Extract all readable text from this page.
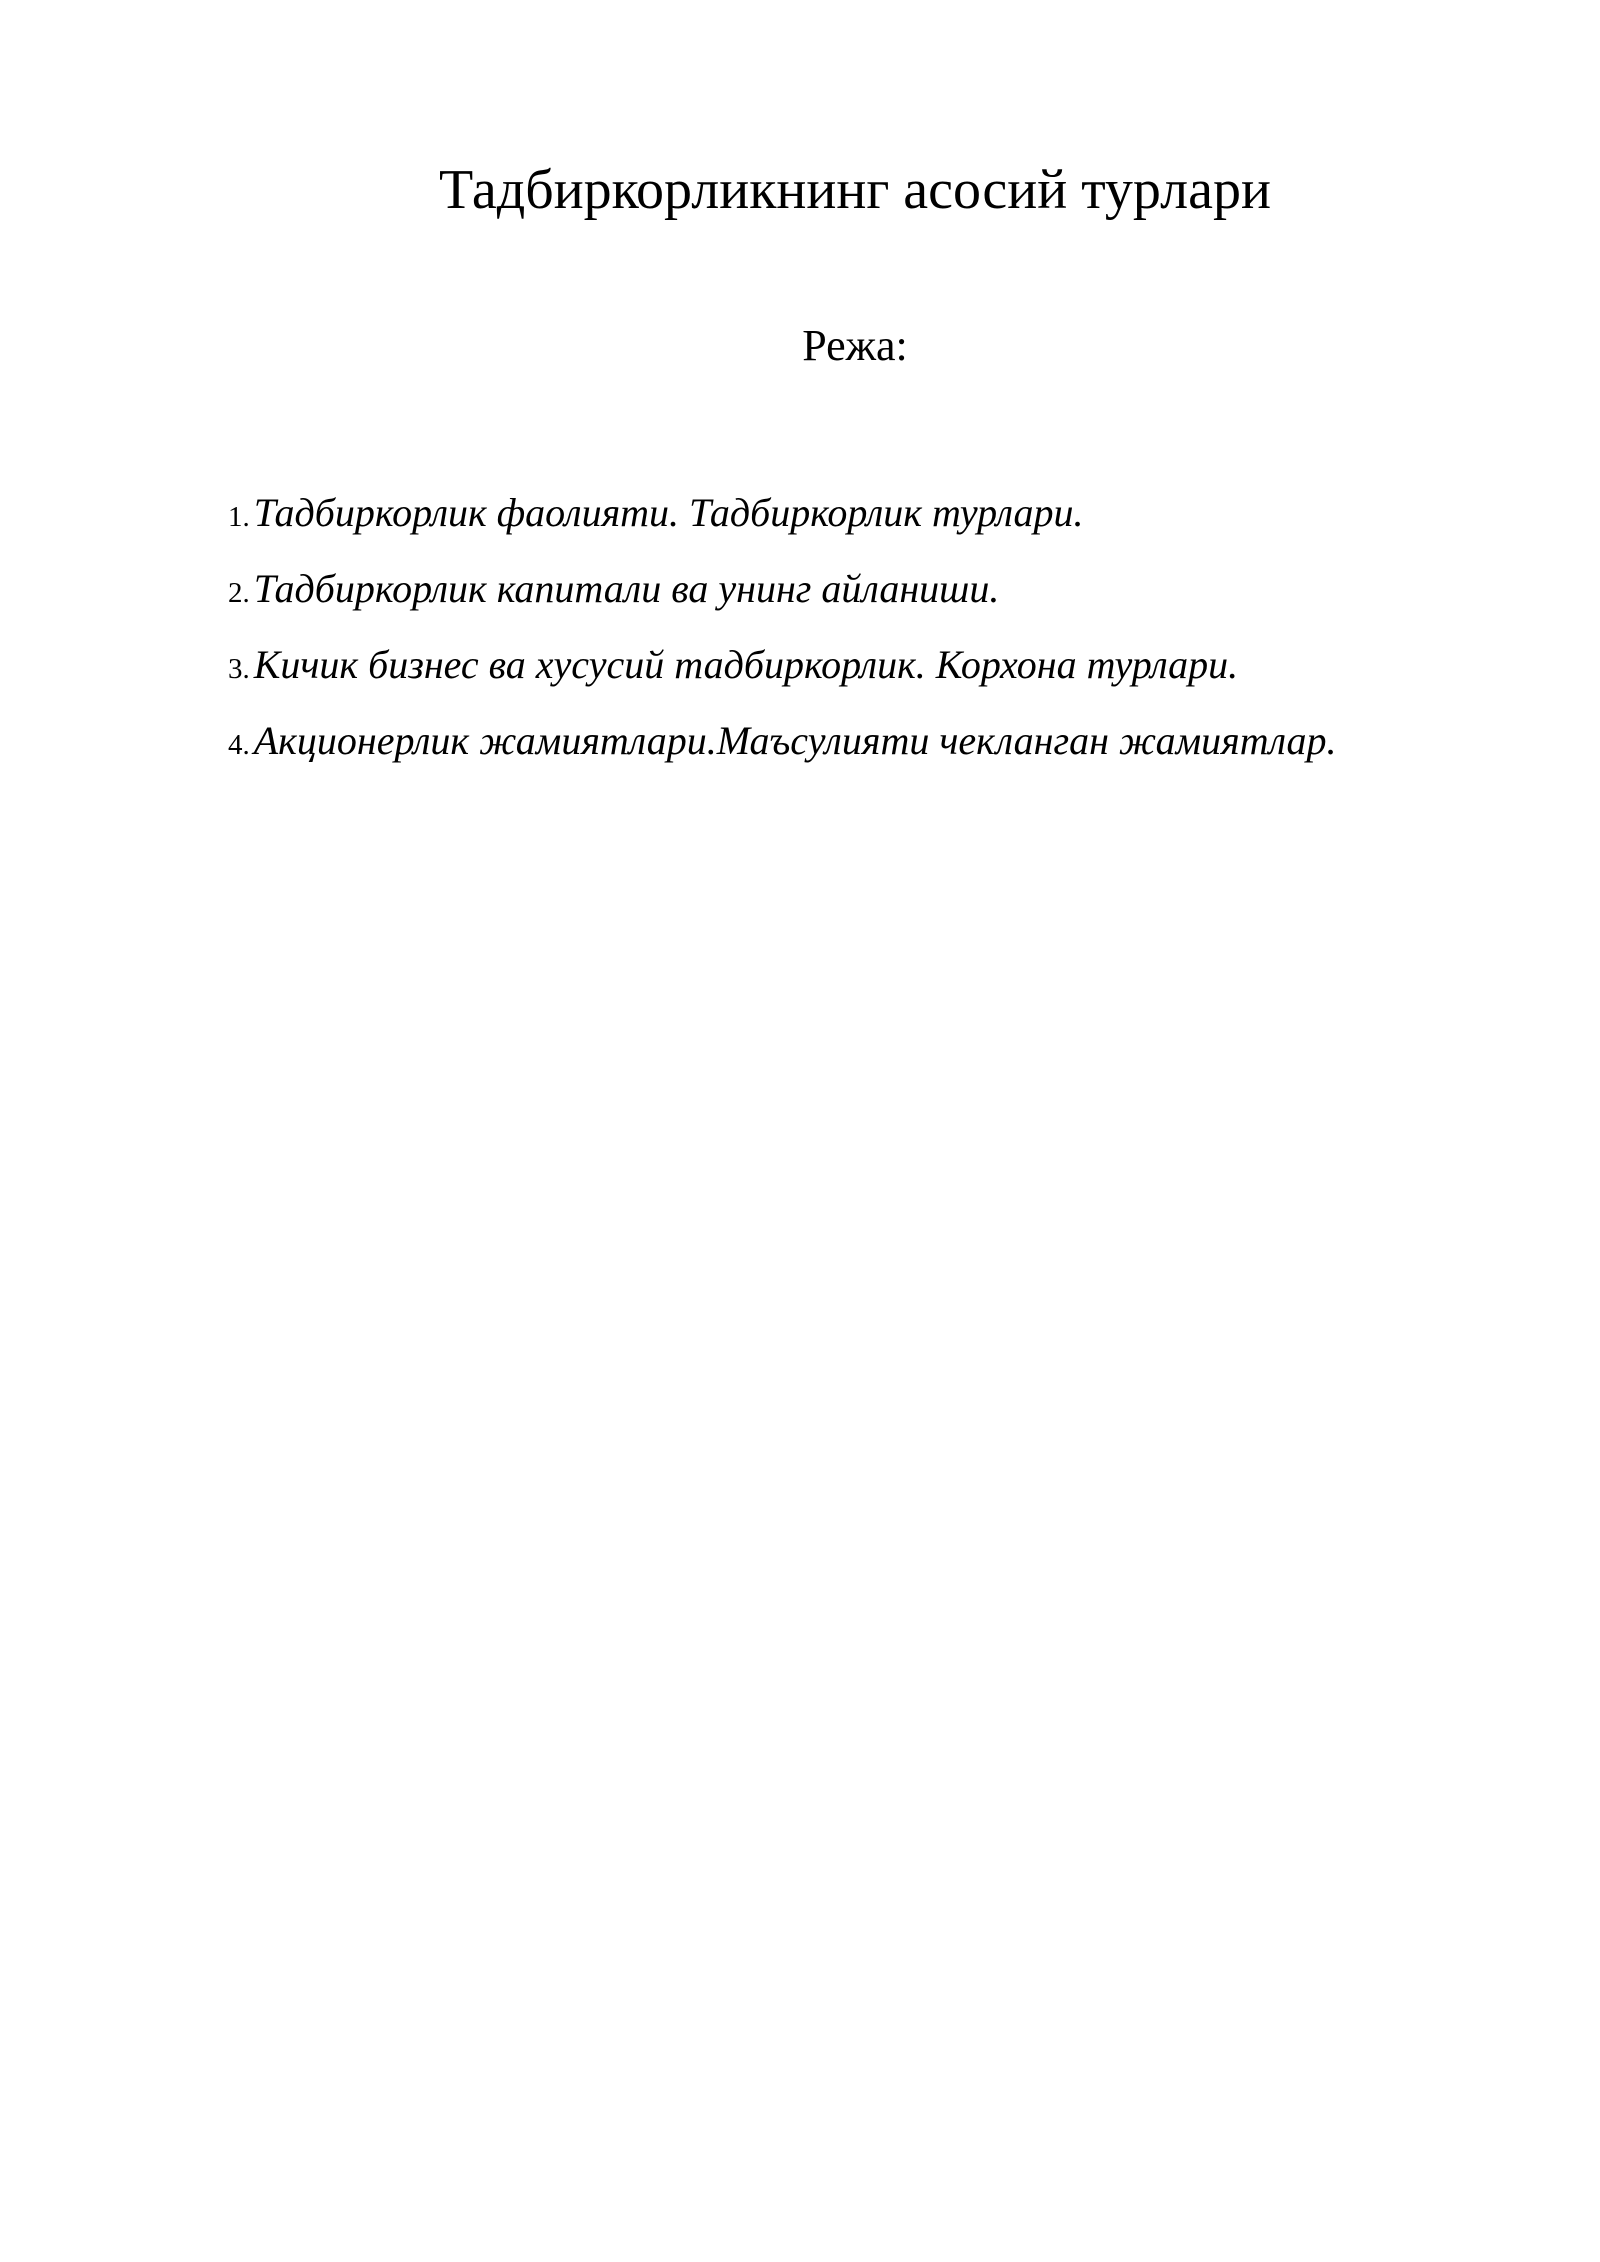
Тадбиркорликнинг асосий турлари

Режа:

1. Тадбиркорлик фаолияти. Тадбиркорлик турлари.
2. Тадбиркорлик капитали ва унинг айланиши.
3. Кичик бизнес ва хусусий тадбиркорлик. Корхона турлари.
4. Акционерлик жамиятлари.Маъсулияти чекланган жамиятлар.
